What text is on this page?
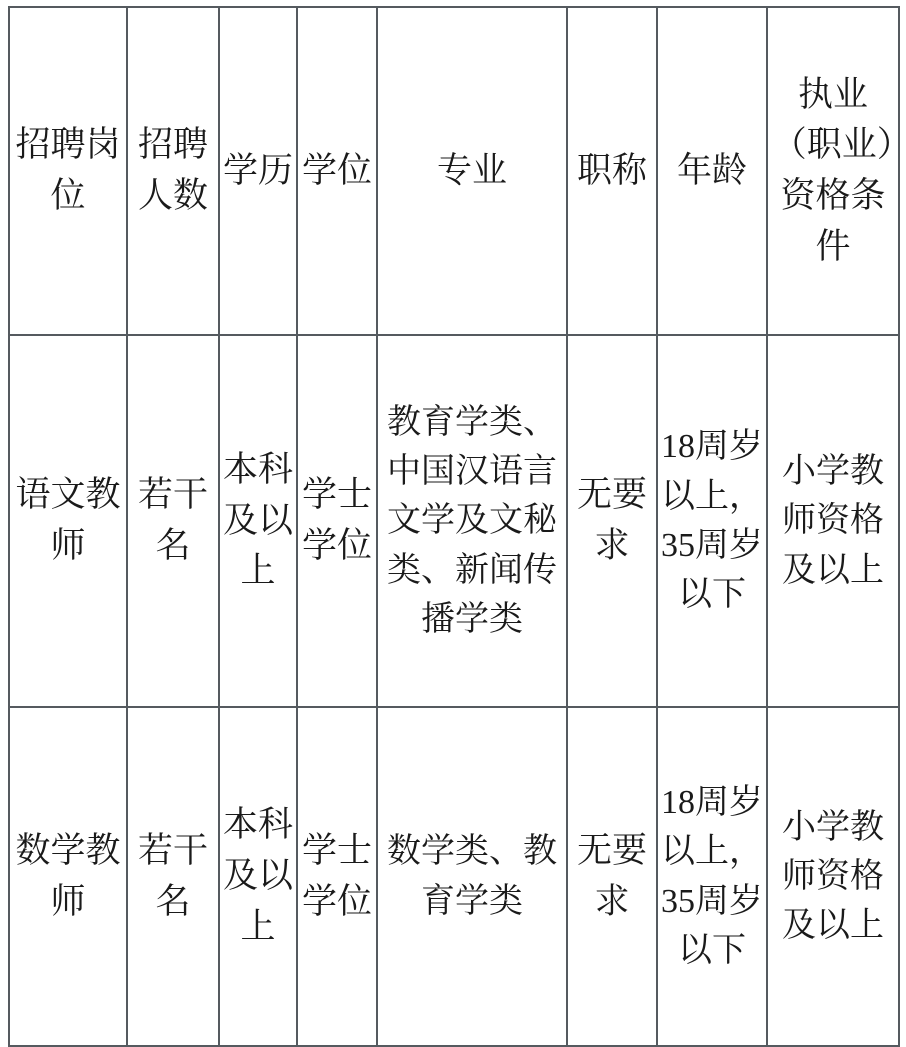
招聘岗位	招聘人数	学历	学位	专业	职称	年龄	执业（职业）资格条件
语文教师	若干名	本科及以上	学士学位	教育学类、中国汉语言文学及文秘类、新闻传播学类	无要求	18周岁以上，35周岁以下	小学教师资格及以上
数学教师	若干名	本科及以上	学士学位	数学类、教育学类	无要求	18周岁以上，35周岁以下	小学教师资格及以上
